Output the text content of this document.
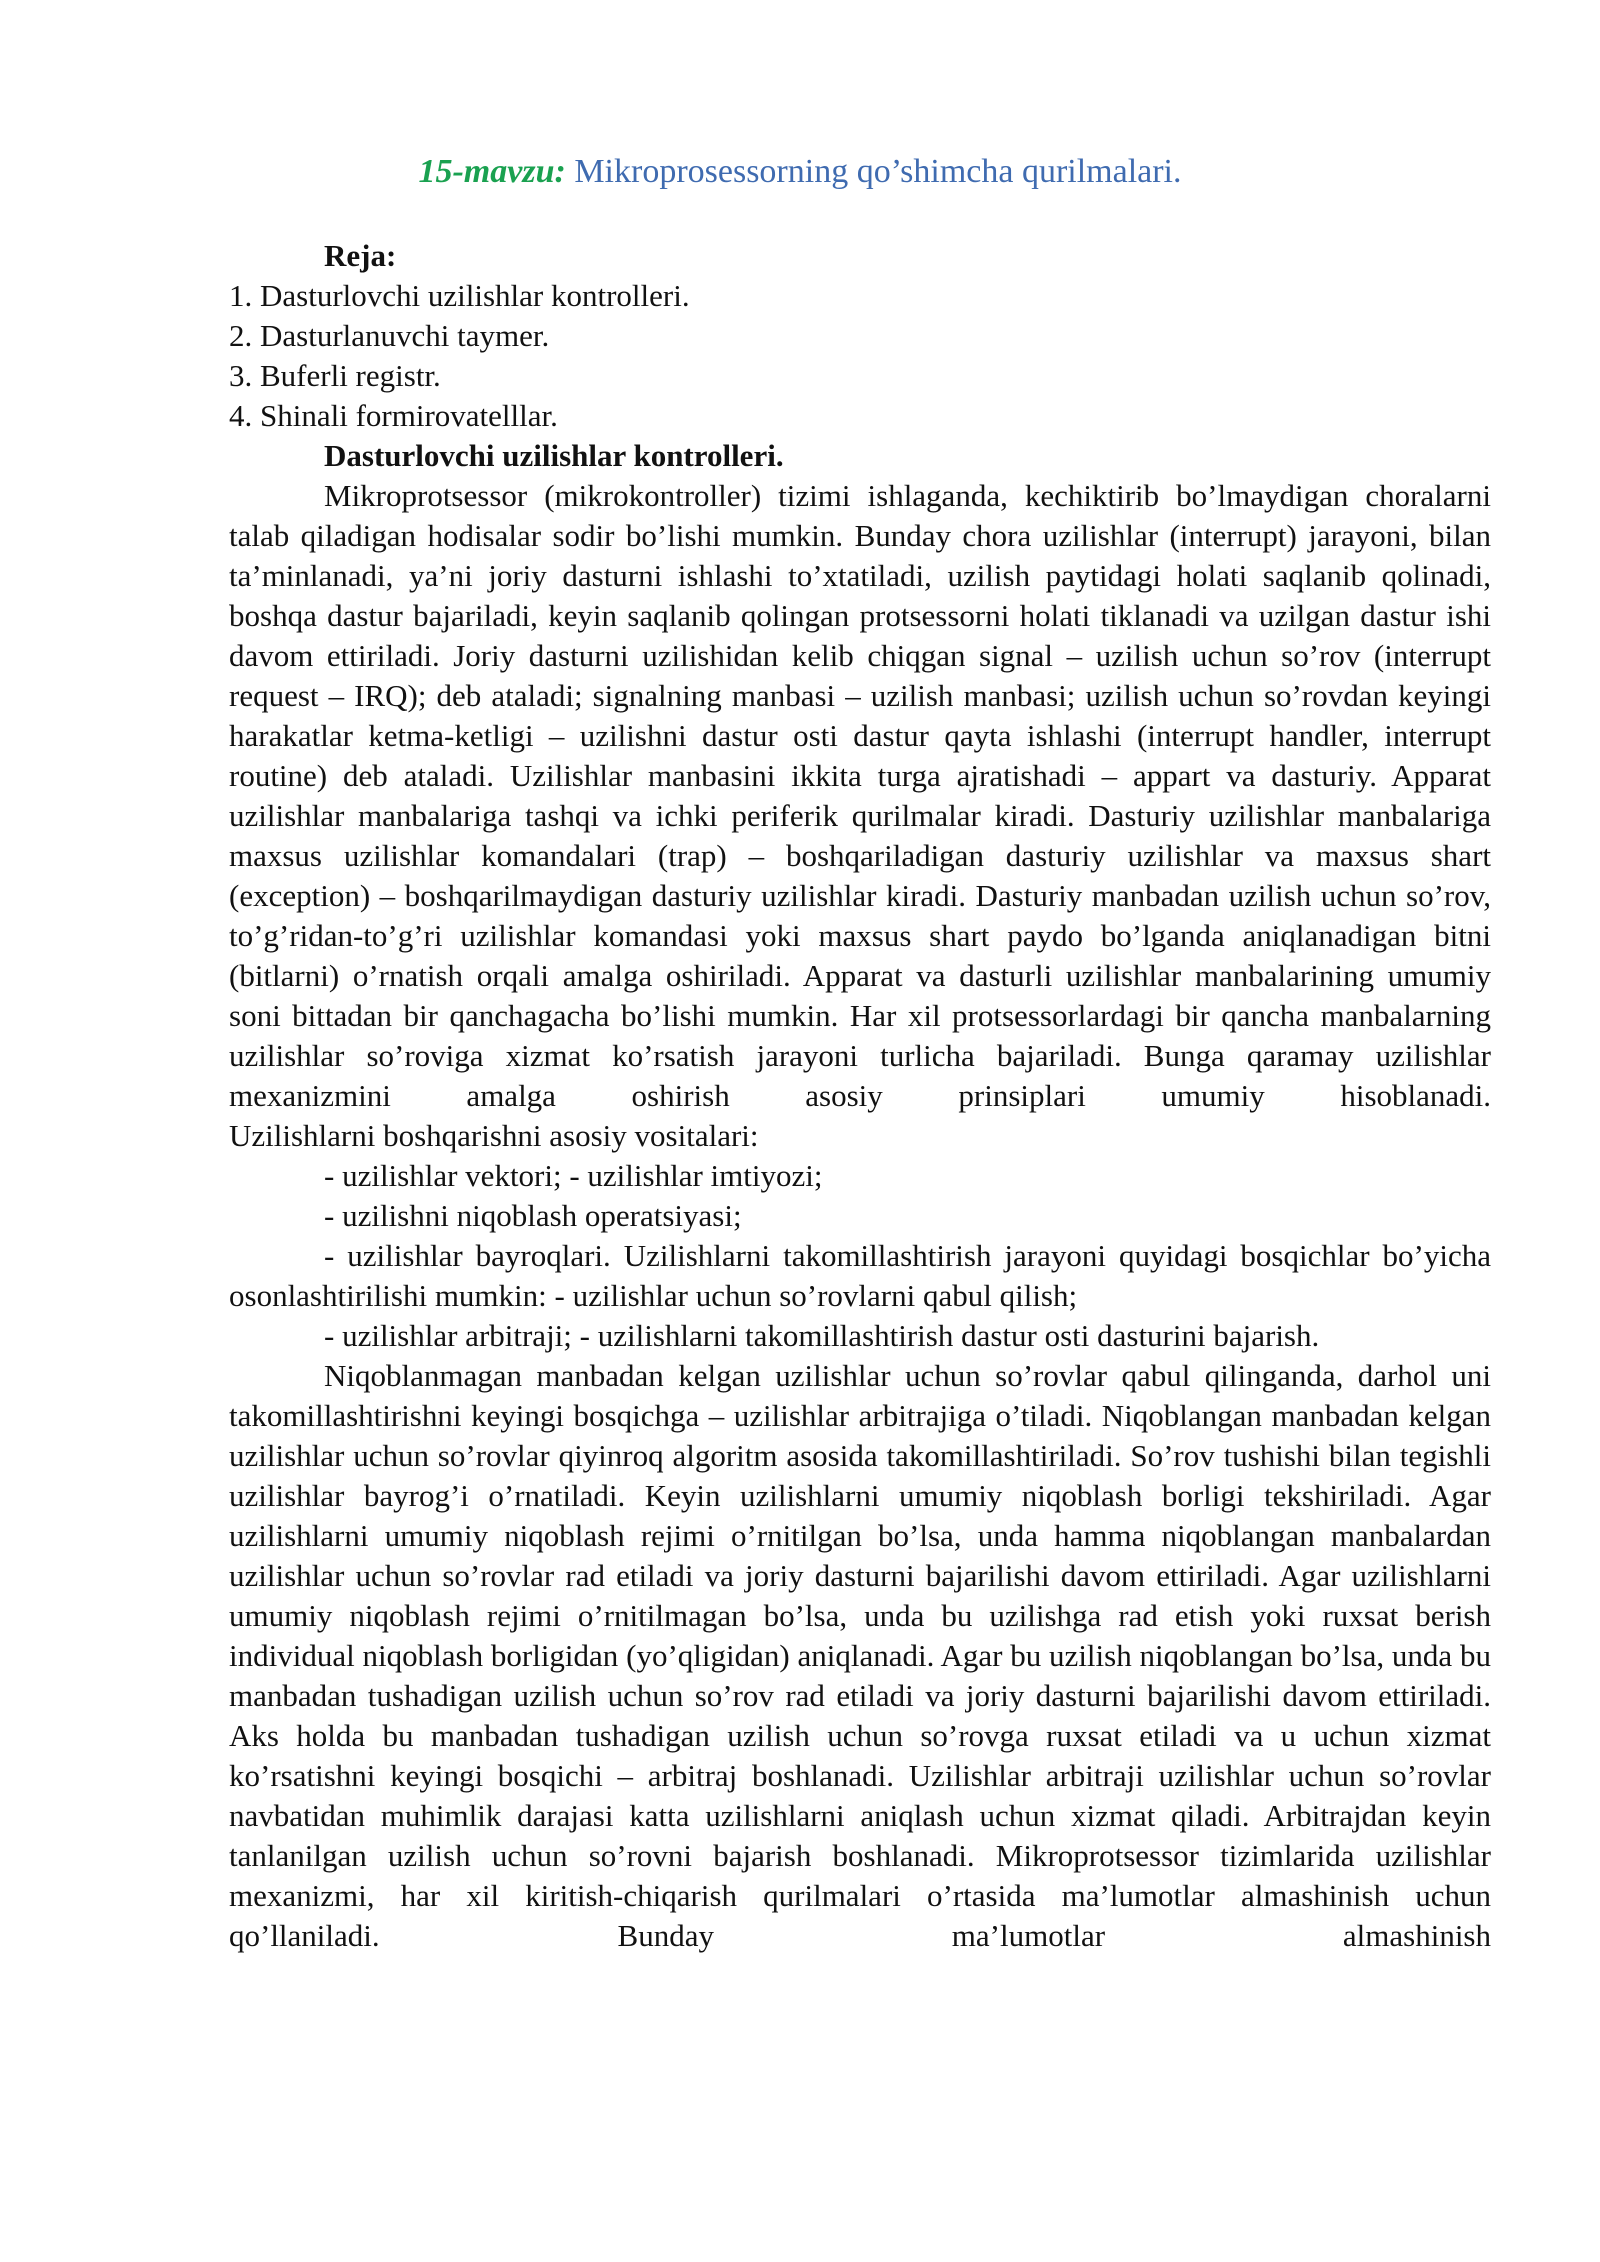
15-mavzu: Mikroprosessorning qo’shimcha qurilmalari.

Reja:

1. Dasturlovchi uzilishlar kontrolleri.

2. Dasturlanuvchi taymer.

3. Buferli registr.

4. Shinali formirovatelllar.

Dasturlovchi uzilishlar kontrolleri.

Mikroprotsessor (mikrokontroller) tizimi ishlaganda, kechiktirib bo’lmaydigan choralarni talab qiladigan hodisalar sodir bo’lishi mumkin. Bunday chora uzilishlar (interrupt) jarayoni, bilan ta’minlanadi, ya’ni joriy dasturni ishlashi to’xtatiladi, uzilish paytidagi holati saqlanib qolinadi, boshqa dastur bajariladi, keyin saqlanib qolingan protsessorni holati tiklanadi va uzilgan dastur ishi davom ettiriladi. Joriy dasturni uzilishidan kelib chiqgan signal – uzilish uchun so’rov (interrupt request – IRQ); deb ataladi; signalning manbasi – uzilish manbasi; uzilish uchun so’rovdan keyingi harakatlar ketma-ketligi – uzilishni dastur osti dastur qayta ishlashi (interrupt handler, interrupt routine) deb ataladi. Uzilishlar manbasini ikkita turga ajratishadi – appart va dasturiy. Apparat uzilishlar manbalariga tashqi va ichki periferik qurilmalar kiradi. Dasturiy uzilishlar manbalariga maxsus uzilishlar komandalari (trap) – boshqariladigan dasturiy uzilishlar va maxsus shart (exception) – boshqarilmaydigan dasturiy uzilishlar kiradi. Dasturiy manbadan uzilish uchun so’rov, to’g’ridan-to’g’ri uzilishlar komandasi yoki maxsus shart paydo bo’lganda aniqlanadigan bitni (bitlarni) o’rnatish orqali amalga oshiriladi. Apparat va dasturli uzilishlar manbalarining umumiy soni bittadan bir qanchagacha bo’lishi mumkin. Har xil protsessorlardagi bir qancha manbalarning uzilishlar so’roviga xizmat ko’rsatish jarayoni turlicha bajariladi. Bunga qaramay uzilishlar mexanizmini amalga oshirish asosiy prinsiplari umumiy hisoblanadi.

Uzilishlarni boshqarishni asosiy vositalari:

- uzilishlar vektori; - uzilishlar imtiyozi;

- uzilishni niqoblash operatsiyasi;

- uzilishlar bayroqlari. Uzilishlarni takomillashtirish jarayoni quyidagi bosqichlar bo’yicha osonlashtirilishi mumkin: - uzilishlar uchun so’rovlarni qabul qilish;

- uzilishlar arbitraji; - uzilishlarni takomillashtirish dastur osti dasturini bajarish.

Niqoblanmagan manbadan kelgan uzilishlar uchun so’rovlar qabul qilinganda, darhol uni takomillashtirishni keyingi bosqichga – uzilishlar arbitrajiga o’tiladi. Niqoblangan manbadan kelgan uzilishlar uchun so’rovlar qiyinroq algoritm asosida takomillashtiriladi. So’rov tushishi bilan tegishli uzilishlar bayrog’i o’rnatiladi. Keyin uzilishlarni umumiy niqoblash borligi tekshiriladi. Agar uzilishlarni umumiy niqoblash rejimi o’rnitilgan bo’lsa, unda hamma niqoblangan manbalardan uzilishlar uchun so’rovlar rad etiladi va joriy dasturni bajarilishi davom ettiriladi. Agar uzilishlarni umumiy niqoblash rejimi o’rnitilmagan bo’lsa, unda bu uzilishga rad etish yoki ruxsat berish individual niqoblash borligidan (yo’qligidan) aniqlanadi. Agar bu uzilish niqoblangan bo’lsa, unda bu manbadan tushadigan uzilish uchun so’rov rad etiladi va joriy dasturni bajarilishi davom ettiriladi. Aks holda bu manbadan tushadigan uzilish uchun so’rovga ruxsat etiladi va u uchun xizmat ko’rsatishni keyingi bosqichi – arbitraj boshlanadi. Uzilishlar arbitraji uzilishlar uchun so’rovlar navbatidan muhimlik darajasi katta uzilishlarni aniqlash uchun xizmat qiladi. Arbitrajdan keyin tanlanilgan uzilish uchun so’rovni bajarish boshlanadi. Mikroprotsessor tizimlarida uzilishlar mexanizmi, har xil kiritish-chiqarish qurilmalari o’rtasida ma’lumotlar almashinish uchun qo’llaniladi. Bunday ma’lumotlar almashinish
